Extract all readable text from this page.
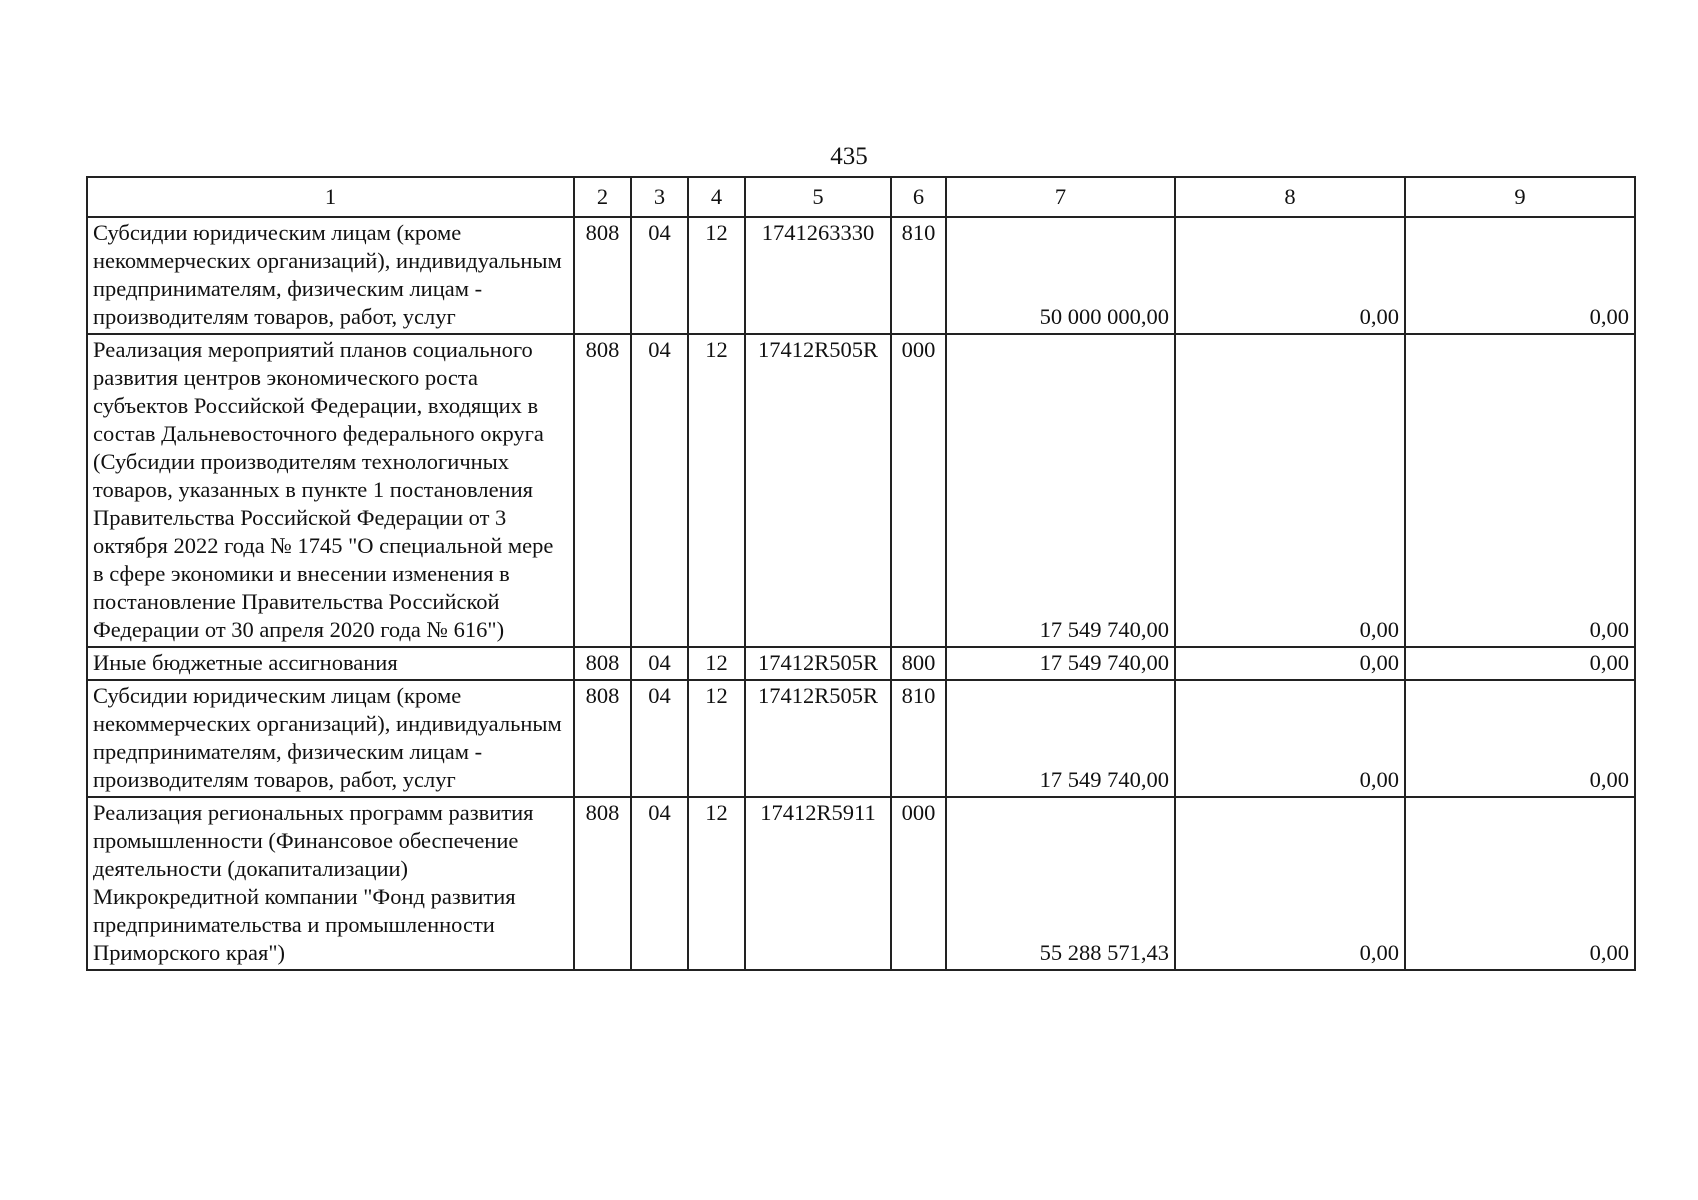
435
1	2	3	4	5	6	7	8	9
Субсидии юридическим лицам (кроме некоммерческих организаций), индивидуальным предпринимателям, физическим лицам - производителям товаров, работ, услуг	808	04	12	1741263330	810	50 000 000,00	0,00	0,00
Реализация мероприятий планов социального развития центров экономического роста субъектов Российской Федерации, входящих в состав Дальневосточного федерального округа (Субсидии производителям технологичных товаров, указанных в пункте 1 постановления Правительства Российской Федерации от 3 октября 2022 года № 1745 "О специальной мере в сфере экономики и внесении изменения в постановление Правительства Российской Федерации от 30 апреля 2020 года № 616")	808	04	12	17412R505R	000	17 549 740,00	0,00	0,00
Иные бюджетные ассигнования	808	04	12	17412R505R	800	17 549 740,00	0,00	0,00
Субсидии юридическим лицам (кроме некоммерческих организаций), индивидуальным предпринимателям, физическим лицам - производителям товаров, работ, услуг	808	04	12	17412R505R	810	17 549 740,00	0,00	0,00
Реализация региональных программ развития промышленности (Финансовое обеспечение деятельности (докапитализации) Микрокредитной компании "Фонд развития предпринимательства и промышленности Приморского края")	808	04	12	17412R5911	000	55 288 571,43	0,00	0,00
